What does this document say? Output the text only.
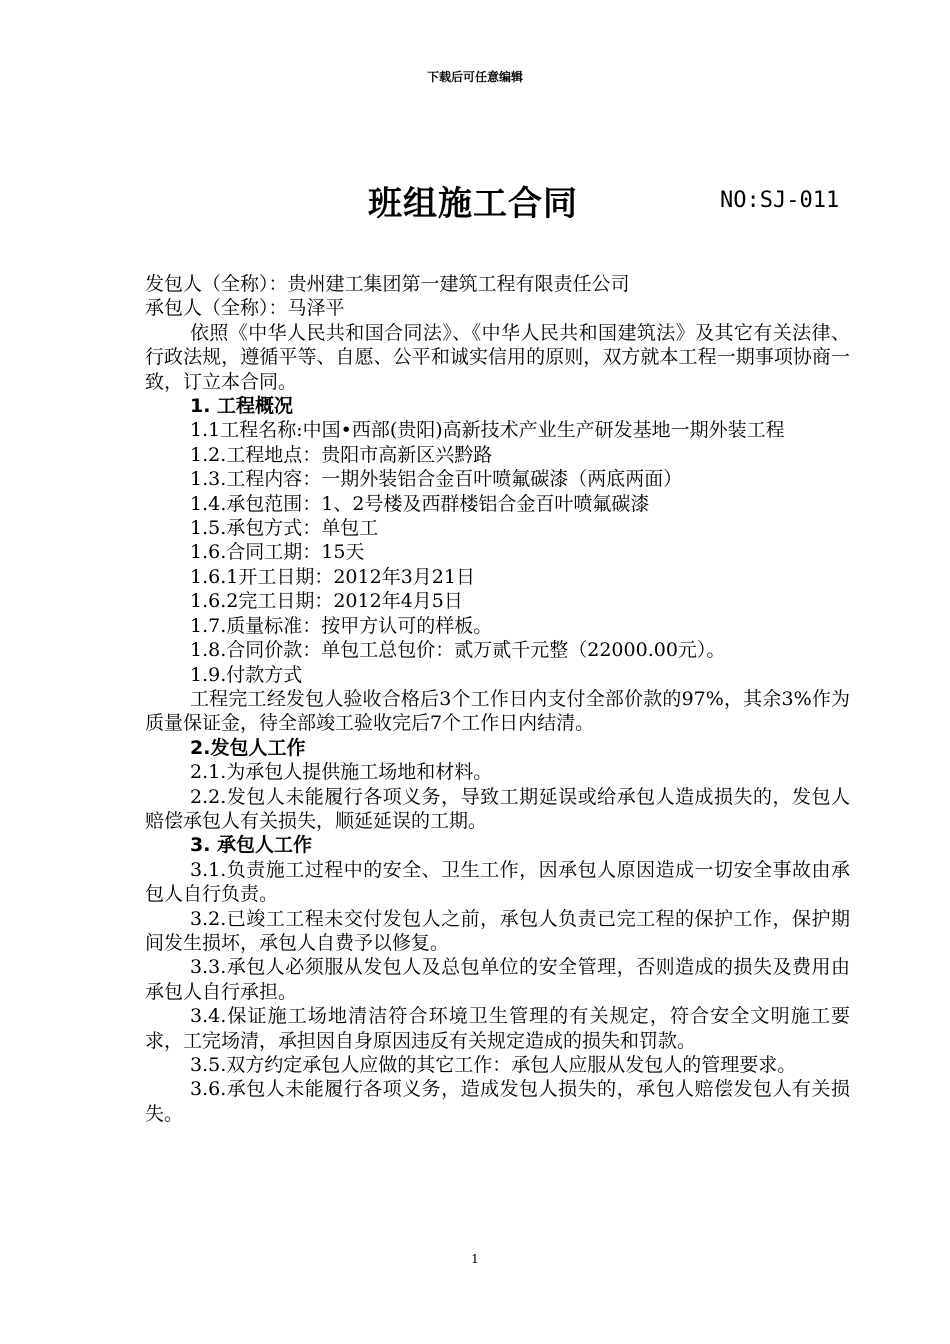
下载后可任意编辑
班组施工合同	NO:SJ-011

发包人（全称）：贵州建工集团第一建筑工程有限责任公司

承包人（全称）：马泽平

依照《中华人民共和国合同法》、《中华人民共和国建筑法》及其它有关法律、行政法规，遵循平等、自愿、公平和诚实信用的原则，双方就本工程一期事项协商一致，订立本合同。

1. 工程概况

1.1工程名称:中国•西部(贵阳)高新技术产业生产研发基地一期外装工程

1.2.工程地点：贵阳市高新区兴黔路

1.3.工程内容：一期外装铝合金百叶喷氟碳漆（两底两面）

1.4.承包范围：1、2号楼及西群楼铝合金百叶喷氟碳漆

1.5.承包方式：单包工

1.6.合同工期：15天

1.6.1开工日期：2012年3月21日

1.6.2完工日期：2012年4月5日

1.7.质量标准：按甲方认可的样板。

1.8.合同价款：单包工总包价：贰万贰千元整（22000.00元）。

1.9.付款方式

工程完工经发包人验收合格后3个工作日内支付全部价款的97%，其余3%作为质量保证金，待全部竣工验收完后7个工作日内结清。

2.发包人工作

2.1.为承包人提供施工场地和材料。

2.2.发包人未能履行各项义务，导致工期延误或给承包人造成损失的，发包人赔偿承包人有关损失，顺延延误的工期。

3. 承包人工作

3.1.负责施工过程中的安全、卫生工作，因承包人原因造成一切安全事故由承包人自行负责。

3.2.已竣工工程未交付发包人之前，承包人负责已完工程的保护工作，保护期间发生损坏，承包人自费予以修复。

3.3.承包人必须服从发包人及总包单位的安全管理，否则造成的损失及费用由承包人自行承担。

3.4.保证施工场地清洁符合环境卫生管理的有关规定，符合安全文明施工要求，工完场清，承担因自身原因违反有关规定造成的损失和罚款。

3.5.双方约定承包人应做的其它工作：承包人应服从发包人的管理要求。

3.6.承包人未能履行各项义务，造成发包人损失的，承包人赔偿发包人有关损失。

1
